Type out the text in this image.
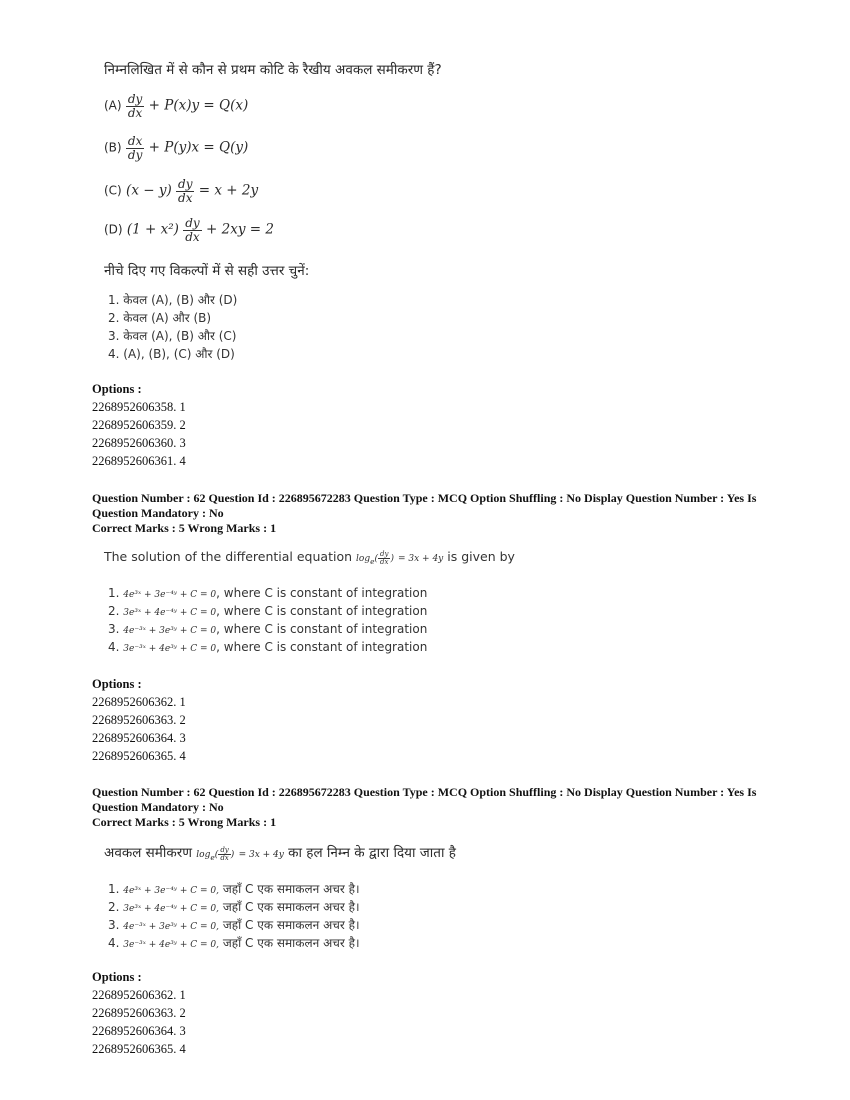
निम्नलिखित में से कौन से प्रथम कोटि के रैखीय अवकल समीकरण हैं?
$(A) \frac{dy}{dx} + P(x)y = Q(x)$
$(B) \frac{dx}{dy} + P(y)x = Q(y)$
(C) $(x - y) \frac{dy}{dx} = x + 2y$
(D) $(1 + x^2) \frac{dy}{dx} + 2xy = 2$
नीचे दिए गए विकल्पों में से सही उत्तर चुनें:
1. केवल (A), (B) और (D)
2. केवल (A) और (B)
3. केवल (A), (B) और (C)
4. (A), (B), (C) और (D)
Options :
2268952606358. 1
2268952606359. 2
2268952606360. 3
2268952606361. 4
Question Number : 62 Question Id : 226895672283 Question Type : MCQ Option Shuffling : No Display Question Number : Yes Is Question Mandatory : No
Correct Marks : 5 Wrong Marks : 1
The solution of the differential equation $\log_e( \frac{dy}{dx}$ ) = 3x + 4y is given by
1. 4e³ˣ + 3e⁻⁴ʸ + C = 0, where C is constant of integration
2. 3e³ˣ + 4e⁻⁴ʸ + C = 0, where C is constant of integration
3. 4e⁻³ˣ + 3e³ʸ + C = 0, where C is constant of integration
4. 3e⁻³ˣ + 4e³ʸ + C = 0, where C is constant of integration
Options :
2268952606362. 1
2268952606363. 2
2268952606364. 3
2268952606365. 4
Question Number : 62 Question Id : 226895672283 Question Type : MCQ Option Shuffling : No Display Question Number : Yes Is Question Mandatory : No
Correct Marks : 5 Wrong Marks : 1
अवकल समीकरण $\log_e( \frac{dy}{dx}$ ) = 3x + 4y का हल निम्न के द्वारा दिया जाता है
1. 4e³ˣ + 3e⁻⁴ʸ + C = 0, जहाँ C एक समाकलन अचर है।
2. 3e³ˣ + 4e⁻⁴ʸ + C = 0, जहाँ C एक समाकलन अचर है।
3. 4e⁻³ˣ + 3e³ʸ + C = 0, जहाँ C एक समाकलन अचर है।
4. 3e⁻³ˣ + 4e³ʸ + C = 0, जहाँ C एक समाकलन अचर है।
Options :
2268952606362. 1
2268952606363. 2
2268952606364. 3
2268952606365. 4
